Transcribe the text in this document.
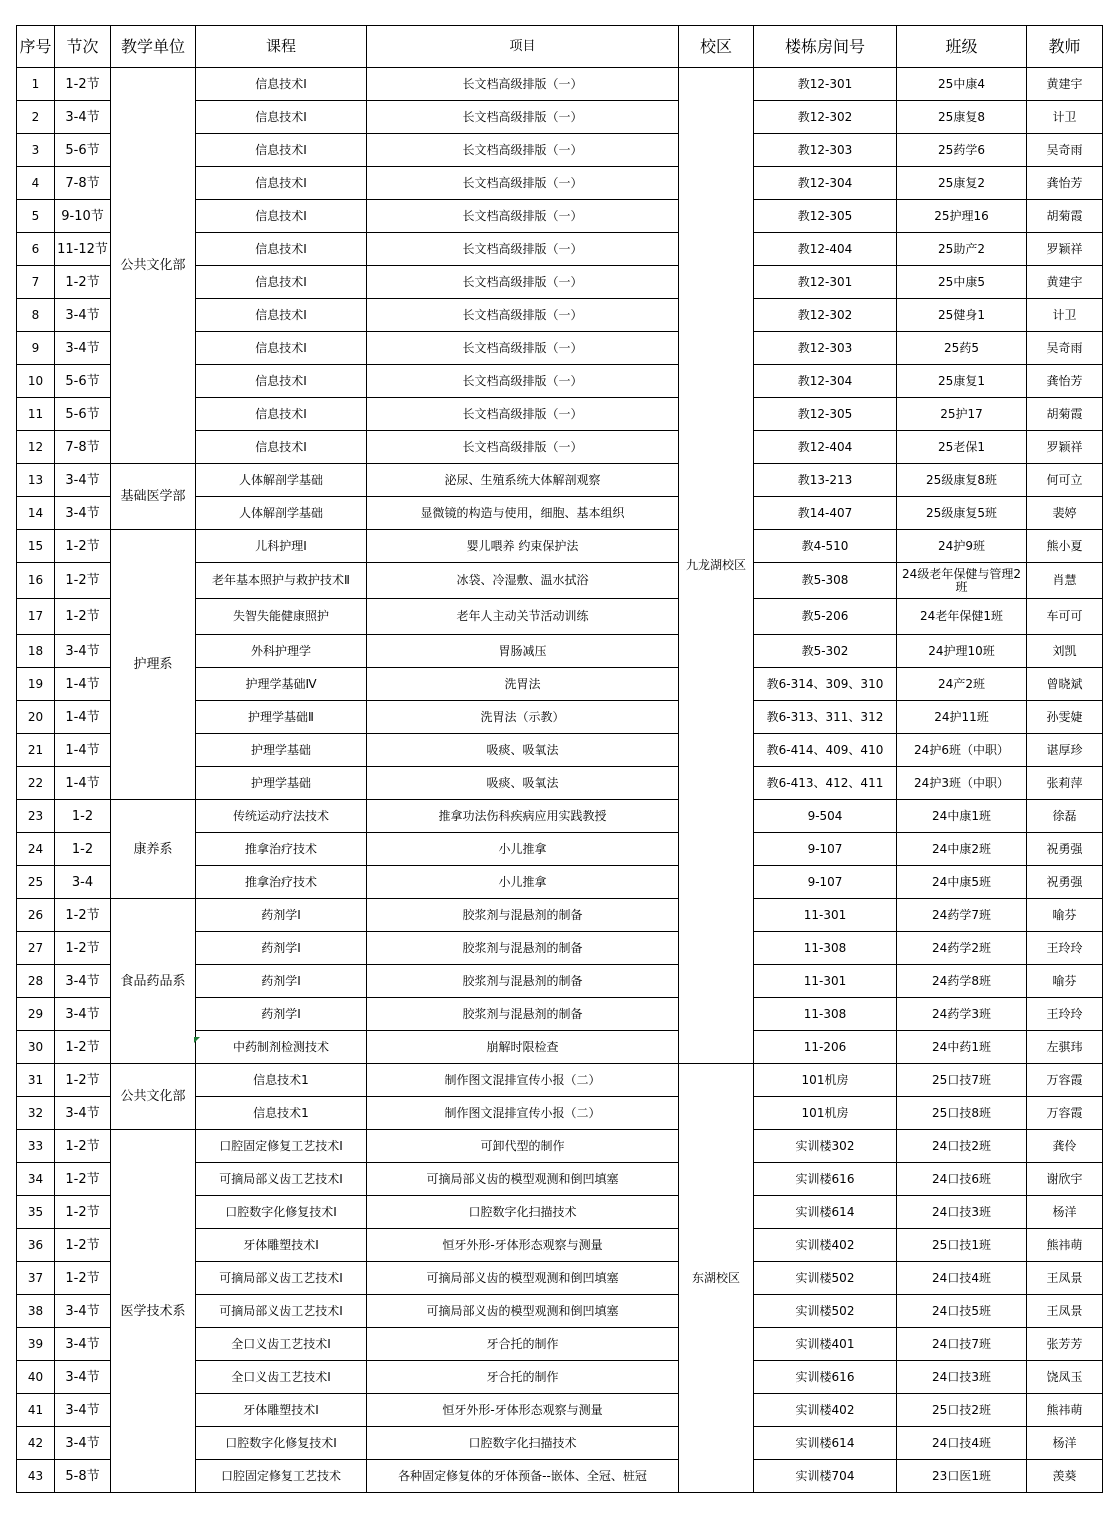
序号	节次	教学单位	课程	项目	校区	楼栋房间号	班级	教师
1	1-2节	公共文化部	信息技术Ⅰ	长文档高级排版（一）	九龙湖校区	教12-301	25中康4	黄建宇
2	3-4节		信息技术Ⅰ	长文档高级排版（一）		教12-302	25康复8	计卫
3	5-6节		信息技术Ⅰ	长文档高级排版（一）		教12-303	25药学6	吴奇雨
4	7-8节		信息技术Ⅰ	长文档高级排版（一）		教12-304	25康复2	龚怡芳
5	9-10节		信息技术Ⅰ	长文档高级排版（一）		教12-305	25护理16	胡菊霞
6	11-12节		信息技术Ⅰ	长文档高级排版（一）		教12-404	25助产2	罗颖祥
7	1-2节		信息技术Ⅰ	长文档高级排版（一）		教12-301	25中康5	黄建宇
8	3-4节		信息技术Ⅰ	长文档高级排版（一）		教12-302	25健身1	计卫
9	3-4节		信息技术Ⅰ	长文档高级排版（一）		教12-303	25药5	吴奇雨
10	5-6节		信息技术Ⅰ	长文档高级排版（一）		教12-304	25康复1	龚怡芳
11	5-6节		信息技术Ⅰ	长文档高级排版（一）		教12-305	25护17	胡菊霞
12	7-8节		信息技术Ⅰ	长文档高级排版（一）		教12-404	25老保1	罗颖祥
13	3-4节	基础医学部	人体解剖学基础	泌尿、生殖系统大体解剖观察		教13-213	25级康复8班	何可立
14	3-4节		人体解剖学基础	显微镜的构造与使用，细胞、基本组织		教14-407	25级康复5班	裴婷
15	1-2节	护理系	儿科护理I	婴儿喂养 约束保护法		教4-510	24护9班	熊小夏
16	1-2节		老年基本照护与救护技术Ⅱ	冰袋、冷湿敷、温水拭浴		教5-308	24级老年保健与管理2班	肖慧
17	1-2节		失智失能健康照护	老年人主动关节活动训练		教5-206	24老年保健1班	车可可
18	3-4节		外科护理学	胃肠减压		教5-302	24护理10班	刘凯
19	1-4节		护理学基础Ⅳ	洗胃法		教6-314、309、310	24产2班	曾晓斌
20	1-4节		护理学基础Ⅱ	洗胃法（示教）		教6-313、311、312	24护11班	孙雯婕
21	1-4节		护理学基础	吸痰、吸氧法		教6-414、409、410	24护6班（中职）	谌厚珍
22	1-4节		护理学基础	吸痰、吸氧法		教6-413、412、411	24护3班（中职）	张莉萍
23	1-2	康养系	传统运动疗法技术	推拿功法伤科疾病应用实践教授		9-504	24中康1班	徐磊
24	1-2		推拿治疗技术	小儿推拿		9-107	24中康2班	祝勇强
25	3-4		推拿治疗技术	小儿推拿		9-107	24中康5班	祝勇强
26	1-2节	食品药品系	药剂学I	胶浆剂与混悬剂的制备		11-301	24药学7班	喻芬
27	1-2节		药剂学I	胶浆剂与混悬剂的制备		11-308	24药学2班	王玲玲
28	3-4节		药剂学I	胶浆剂与混悬剂的制备		11-301	24药学8班	喻芬
29	3-4节		药剂学I	胶浆剂与混悬剂的制备		11-308	24药学3班	王玲玲
30	1-2节		中药制剂检测技术	崩解时限检查		11-206	24中药1班	左骐玮
31	1-2节	公共文化部	信息技术1	制作图文混排宣传小报（二）	东湖校区	101机房	25口技7班	万容霞
32	3-4节		信息技术1	制作图文混排宣传小报（二）		101机房	25口技8班	万容霞
33	1-2节	医学技术系	口腔固定修复工艺技术I	可卸代型的制作		实训楼302	24口技2班	龚伶
34	1-2节		可摘局部义齿工艺技术I	可摘局部义齿的模型观测和倒凹填塞		实训楼616	24口技6班	谢欣宇
35	1-2节		口腔数字化修复技术I	口腔数字化扫描技术		实训楼614	24口技3班	杨洋
36	1-2节		牙体雕塑技术I	恒牙外形-牙体形态观察与测量		实训楼402	25口技1班	熊祎萌
37	1-2节		可摘局部义齿工艺技术I	可摘局部义齿的模型观测和倒凹填塞		实训楼502	24口技4班	王凤景
38	3-4节		可摘局部义齿工艺技术I	可摘局部义齿的模型观测和倒凹填塞		实训楼502	24口技5班	王凤景
39	3-4节		全口义齿工艺技术I	牙合托的制作		实训楼401	24口技7班	张芳芳
40	3-4节		全口义齿工艺技术I	牙合托的制作		实训楼616	24口技3班	饶凤玉
41	3-4节		牙体雕塑技术I	恒牙外形-牙体形态观察与测量		实训楼402	25口技2班	熊祎萌
42	3-4节		口腔数字化修复技术I	口腔数字化扫描技术		实训楼614	24口技4班	杨洋
43	5-8节		口腔固定修复工艺技术	各种固定修复体的牙体预备--嵌体、全冠、桩冠		实训楼704	23口医1班	羡葵
